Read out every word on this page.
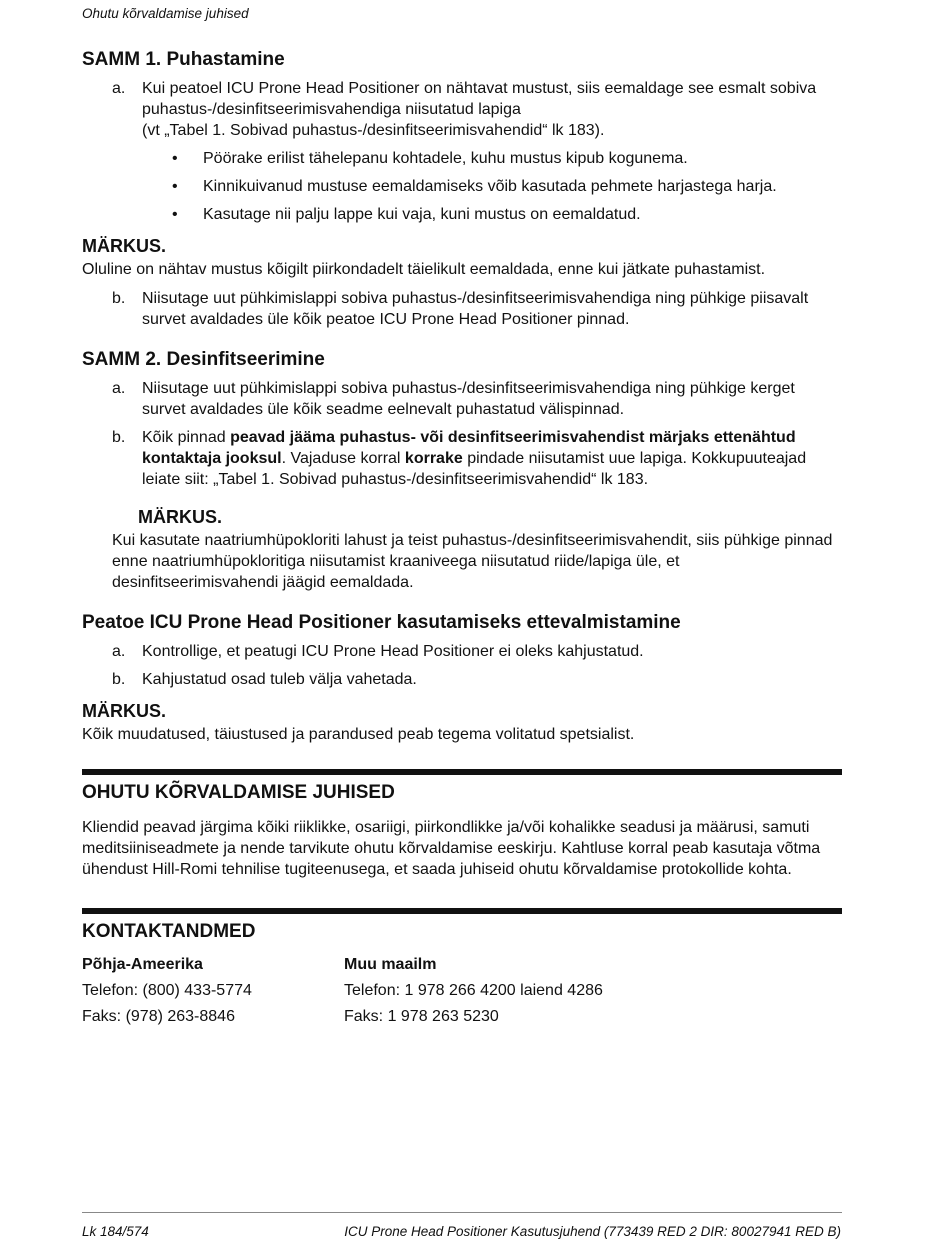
Ohutu kõrvaldamise juhised
SAMM 1. Puhastamine
a.	Kui peatoel ICU Prone Head Positioner on nähtavat mustust, siis eemaldage see esmalt sobiva puhastus-/desinfitseerimisvahendiga niisutatud lapiga
(vt „Tabel 1. Sobivad puhastus-/desinfitseerimisvahendid“ lk 183).
•	Pöörake erilist tähelepanu kohtadele, kuhu mustus kipub kogunema.
•	Kinnikuivanud mustuse eemaldamiseks võib kasutada pehmete harjastega harja.
•	Kasutage nii palju lappe kui vaja, kuni mustus on eemaldatud.
MÄRKUS.
Oluline on nähtav mustus kõigilt piirkondadelt täielikult eemaldada, enne kui jätkate puhastamist.
b.	Niisutage uut pühkimislappi sobiva puhastus-/desinfitseerimisvahendiga ning pühkige piisavalt survet avaldades üle kõik peatoe ICU Prone Head Positioner pinnad.
SAMM 2. Desinfitseerimine
a.	Niisutage uut pühkimislappi sobiva puhastus-/desinfitseerimisvahendiga ning pühkige kerget survet avaldades üle kõik seadme eelnevalt puhastatud välispinnad.
b.	Kõik pinnad peavad jääma puhastus- või desinfitseerimisvahendist märjaks ettenähtud kontaktaja jooksul. Vajaduse korral korrake pindade niisutamist uue lapiga. Kokkupuuteajad leiate siit: „Tabel 1. Sobivad puhastus-/desinfitseerimisvahendid“ lk 183.
MÄRKUS.
Kui kasutate naatriumhüpokloriti lahust ja teist puhastus-/desinfitseerimisvahendit, siis pühkige pinnad enne naatriumhüpokloritiga niisutamist kraaniveega niisutatud riide/lapiga üle, et desinfitseerimisvahendi jäägid eemaldada.
Peatoe ICU Prone Head Positioner kasutamiseks ettevalmistamine
a.	Kontrollige, et peatugi ICU Prone Head Positioner ei oleks kahjustatud.
b.	Kahjustatud osad tuleb välja vahetada.
MÄRKUS.
Kõik muudatused, täiustused ja parandused peab tegema volitatud spetsialist.
OHUTU KÕRVALDAMISE JUHISED

Kliendid peavad järgima kõiki riiklikke, osariigi, piirkondlikke ja/või kohalikke seadusi ja määrusi, samuti meditsiiniseadmete ja nende tarvikute ohutu kõrvaldamise eeskirju. Kahtluse korral peab kasutaja võtma ühendust Hill-Romi tehnilise tugiteenusega, et saada juhiseid ohutu kõrvaldamise protokollide kohta.

KONTAKTANDMED
Põhja-Ameerika
Telefon: (800) 433-5774
Faks: (978) 263-8846
Muu maailm
Telefon: 1 978 266 4200 laiend 4286
Faks: 1 978 263 5230
Lk 184/574	ICU Prone Head Positioner Kasutusjuhend (773439 RED 2 DIR: 80027941 RED B)
